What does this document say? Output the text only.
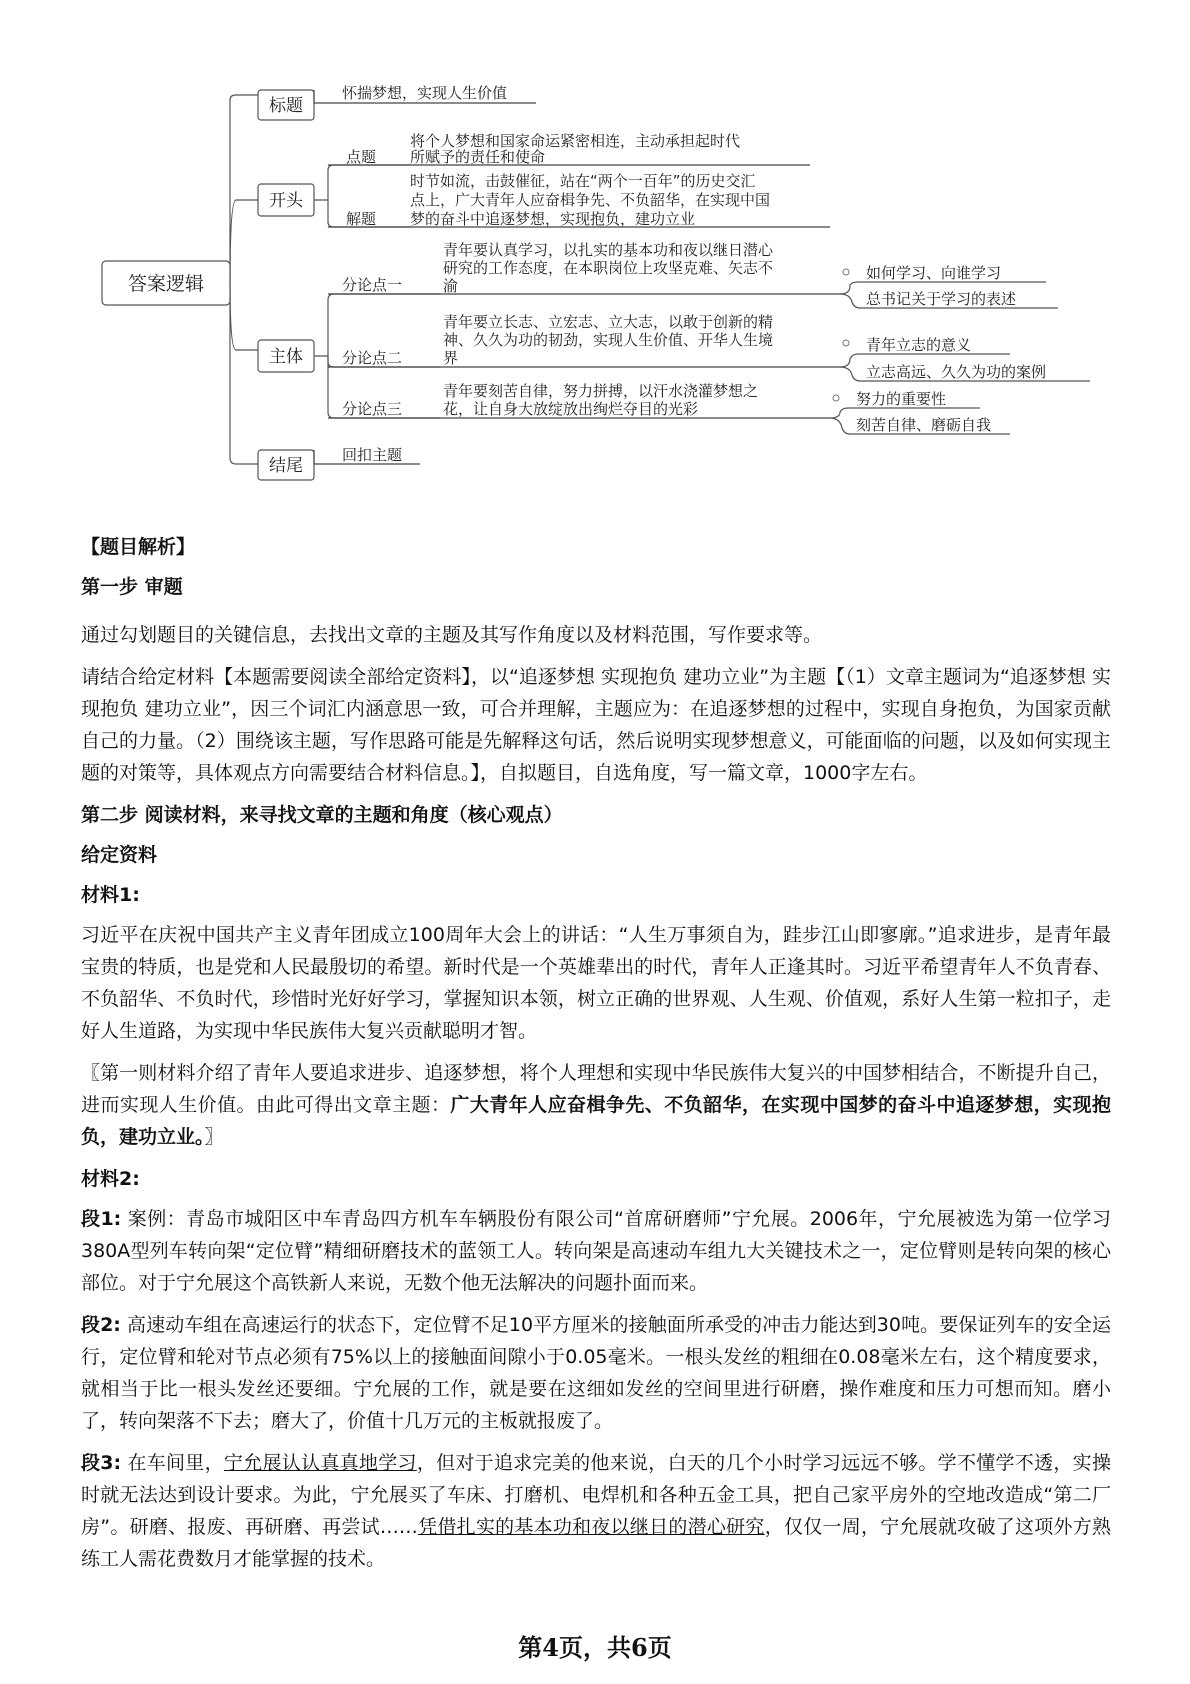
答案逻辑
标题
怀揣梦想，实现人生价值
开头
点题
解题
将个人梦想和国家命运紧密相连，主动承担起时代
所赋予的责任和使命
时节如流，击鼓催征，站在“两个一百年”的历史交汇
点上，广大青年人应奋楫争先、不负韶华，在实现中国
梦的奋斗中追逐梦想，实现抱负，建功立业
主体
分论点一
青年要认真学习，以扎实的基本功和夜以继日潜心
研究的工作态度，在本职岗位上攻坚克难、矢志不
渝
如何学习、向谁学习
总书记关于学习的表述
分论点二
青年要立长志、立宏志、立大志，以敢于创新的精
神、久久为功的韧劲，实现人生价值、开华人生境
界
青年立志的意义
立志高远、久久为功的案例
分论点三
青年要刻苦自律，努力拼搏，以汗水浇灌梦想之
花，让自身大放绽放出绚烂夺目的光彩
努力的重要性
刻苦自律、磨砺自我
结尾
回扣主题
【题目解析】
第一步 审题

通过勾划题目的关键信息，去找出文章的主题及其写作角度以及材料范围，写作要求等。

请结合给定材料【本题需要阅读全部给定资料】，以“追逐梦想 实现抱负 建功立业”为主题【（1）文章主题词为“追逐梦想 实现抱负 建功立业”，因三个词汇内涵意思一致，可合并理解，主题应为：在追逐梦想的过程中，实现自身抱负，为国家贡献自己的力量。（2）围绕该主题，写作思路可能是先解释这句话，然后说明实现梦想意义，可能面临的问题，以及如何实现主题的对策等，具体观点方向需要结合材料信息。】，自拟题目，自选角度，写一篇文章，1000字左右。

第二步 阅读材料，来寻找文章的主题和角度（核心观点）
给定资料
材料1:

习近平在庆祝中国共产主义青年团成立100周年大会上的讲话：“人生万事须自为，跬步江山即寥廓。”追求进步，是青年最宝贵的特质，也是党和人民最殷切的希望。新时代是一个英雄辈出的时代，青年人正逢其时。习近平希望青年人不负青春、不负韶华、不负时代，珍惜时光好好学习，掌握知识本领，树立正确的世界观、人生观、价值观，系好人生第一粒扣子，走好人生道路，为实现中华民族伟大复兴贡献聪明才智。

〖第一则材料介绍了青年人要追求进步、追逐梦想，将个人理想和实现中华民族伟大复兴的中国梦相结合，不断提升自己，进而实现人生价值。由此可得出文章主题：广大青年人应奋楫争先、不负韶华，在实现中国梦的奋斗中追逐梦想，实现抱负，建功立业。〗

材料2:

段1: 案例：青岛市城阳区中车青岛四方机车车辆股份有限公司“首席研磨师”宁允展。2006年，宁允展被选为第一位学习380A型列车转向架“定位臂”精细研磨技术的蓝领工人。转向架是高速动车组九大关键技术之一，定位臂则是转向架的核心部位。对于宁允展这个高铁新人来说，无数个他无法解决的问题扑面而来。

段2: 高速动车组在高速运行的状态下，定位臂不足10平方厘米的接触面所承受的冲击力能达到30吨。要保证列车的安全运行，定位臂和轮对节点必须有75%以上的接触面间隙小于0.05毫米。一根头发丝的粗细在0.08毫米左右，这个精度要求，就相当于比一根头发丝还要细。宁允展的工作，就是要在这细如发丝的空间里进行研磨，操作难度和压力可想而知。磨小了，转向架落不下去；磨大了，价值十几万元的主板就报废了。

段3: 在车间里，宁允展认认真真地学习，但对于追求完美的他来说，白天的几个小时学习远远不够。学不懂学不透，实操时就无法达到设计要求。为此，宁允展买了车床、打磨机、电焊机和各种五金工具，把自己家平房外的空地改造成“第二厂房”。研磨、报废、再研磨、再尝试……凭借扎实的基本功和夜以继日的潜心研究，仅仅一周，宁允展就攻破了这项外方熟练工人需花费数月才能掌握的技术。

第4页，共6页
